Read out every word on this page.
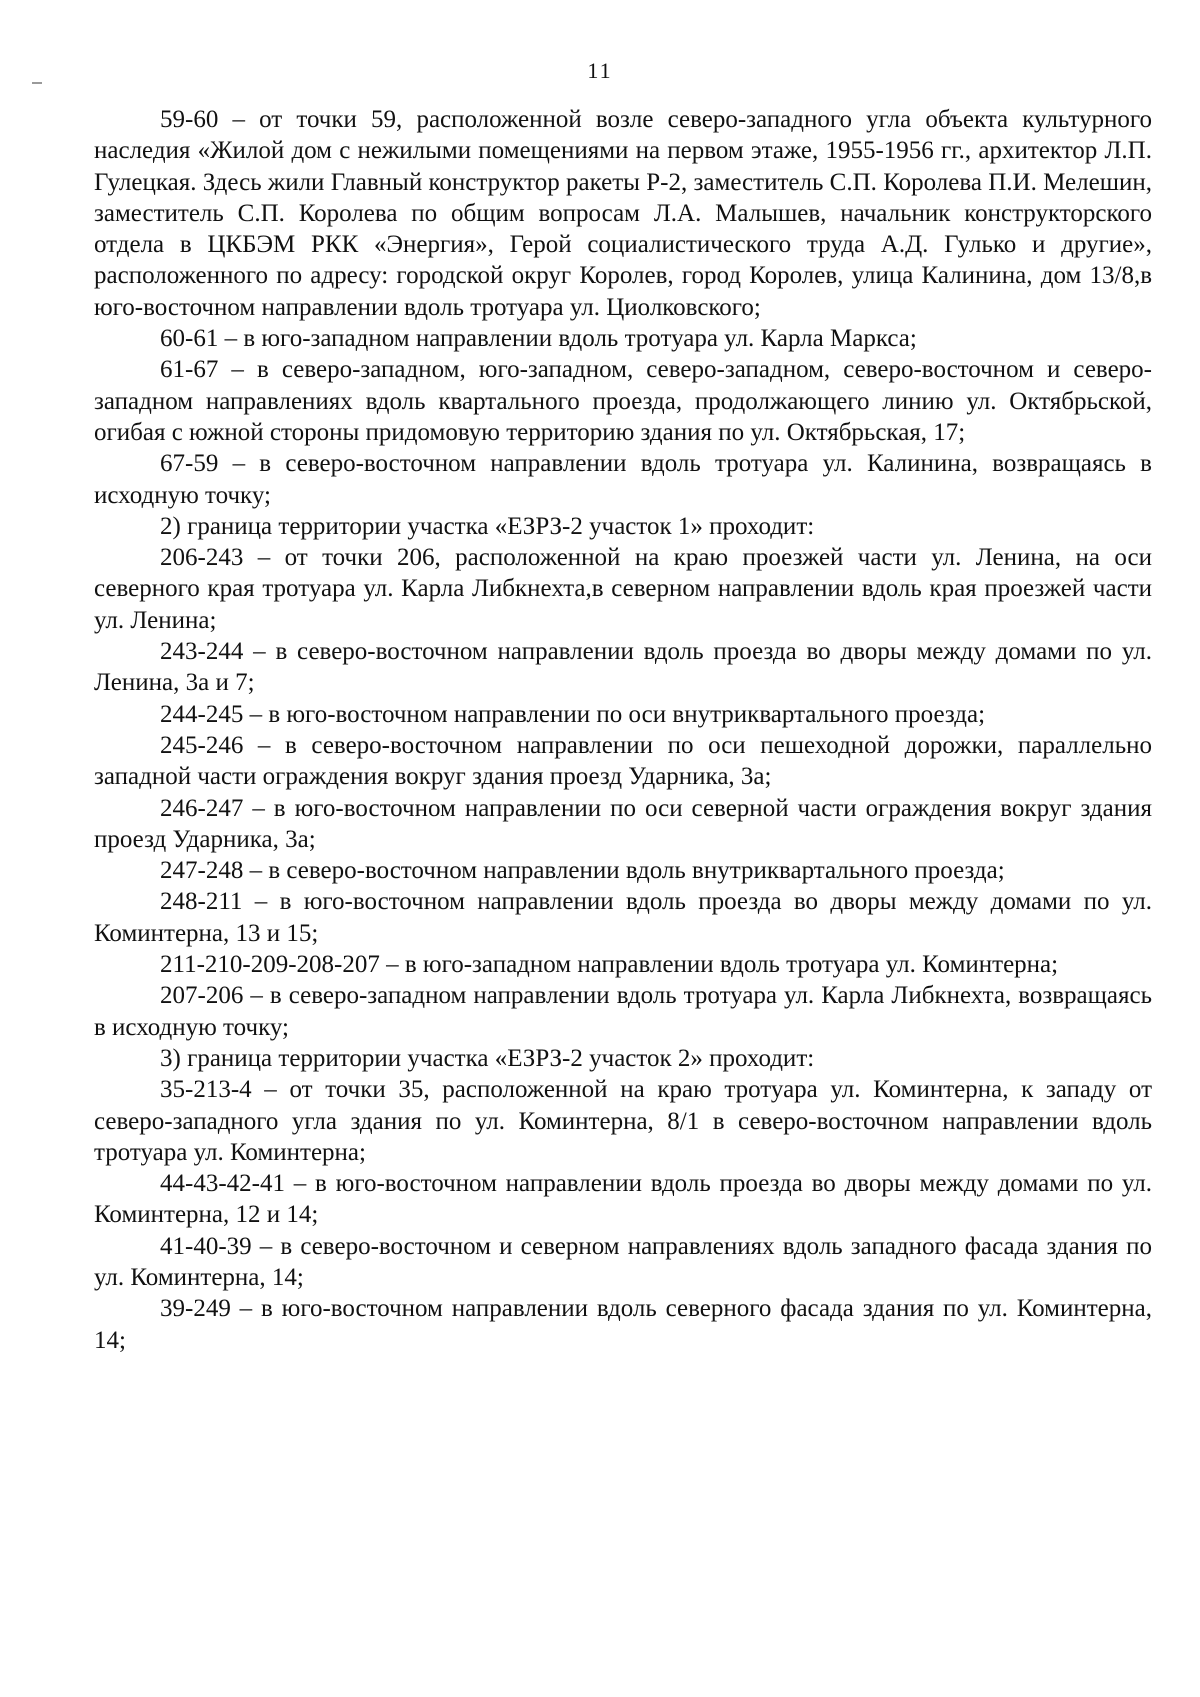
11

59-60 – от точки 59, расположенной возле северо-западного угла объекта культурного наследия «Жилой дом с нежилыми помещениями на первом этаже, 1955-1956 гг., архитектор Л.П. Гулецкая. Здесь жили Главный конструктор ракеты Р-2, заместитель С.П. Королева П.И. Мелешин, заместитель С.П. Королева по общим вопросам Л.А. Малышев, начальник конструкторского отдела в ЦКБЭМ РКК «Энергия», Герой социалистического труда А.Д. Гулько и другие», расположенного по адресу: городской округ Королев, город Королев, улица Калинина, дом 13/8,в юго-восточном направлении вдоль тротуара ул. Циолковского;

60-61 – в юго-западном направлении вдоль тротуара ул. Карла Маркса;

61-67 – в северо-западном, юго-западном, северо-западном, северо-восточном и северо-западном направлениях вдоль квартального проезда, продолжающего линию ул. Октябрьской, огибая с южной стороны придомовую территорию здания по ул. Октябрьская, 17;

67-59 – в северо-восточном направлении вдоль тротуара ул. Калинина, возвращаясь в исходную точку;

2) граница территории участка «ЕЗРЗ-2 участок 1» проходит:

206-243 – от точки 206, расположенной на краю проезжей части ул. Ленина, на оси северного края тротуара ул. Карла Либкнехта,в северном направлении вдоль края проезжей части ул. Ленина;

243-244 – в северо-восточном направлении вдоль проезда во дворы между домами по ул. Ленина, 3а и 7;

244-245 – в юго-восточном направлении по оси внутриквартального проезда;

245-246 – в северо-восточном направлении по оси пешеходной дорожки, параллельно западной части ограждения вокруг здания проезд Ударника, 3а;

246-247 – в юго-восточном направлении по оси северной части ограждения вокруг здания проезд Ударника, 3а;

247-248 – в северо-восточном направлении вдоль внутриквартального проезда;

248-211 – в юго-восточном направлении вдоль проезда во дворы между домами по ул. Коминтерна, 13 и 15;

211-210-209-208-207 – в юго-западном направлении вдоль тротуара ул. Коминтерна;

207-206 – в северо-западном направлении вдоль тротуара ул. Карла Либкнехта, возвращаясь в исходную точку;

3) граница территории участка «ЕЗРЗ-2 участок 2» проходит:

35-213-4 – от точки 35, расположенной на краю тротуара ул. Коминтерна, к западу от северо-западного угла здания по ул. Коминтерна, 8/1 в северо-восточном направлении вдоль тротуара ул. Коминтерна;

44-43-42-41 – в юго-восточном направлении вдоль проезда во дворы между домами по ул. Коминтерна, 12 и 14;

41-40-39 – в северо-восточном и северном направлениях вдоль западного фасада здания по ул. Коминтерна, 14;

39-249 – в юго-восточном направлении вдоль северного фасада здания по ул. Коминтерна, 14;
